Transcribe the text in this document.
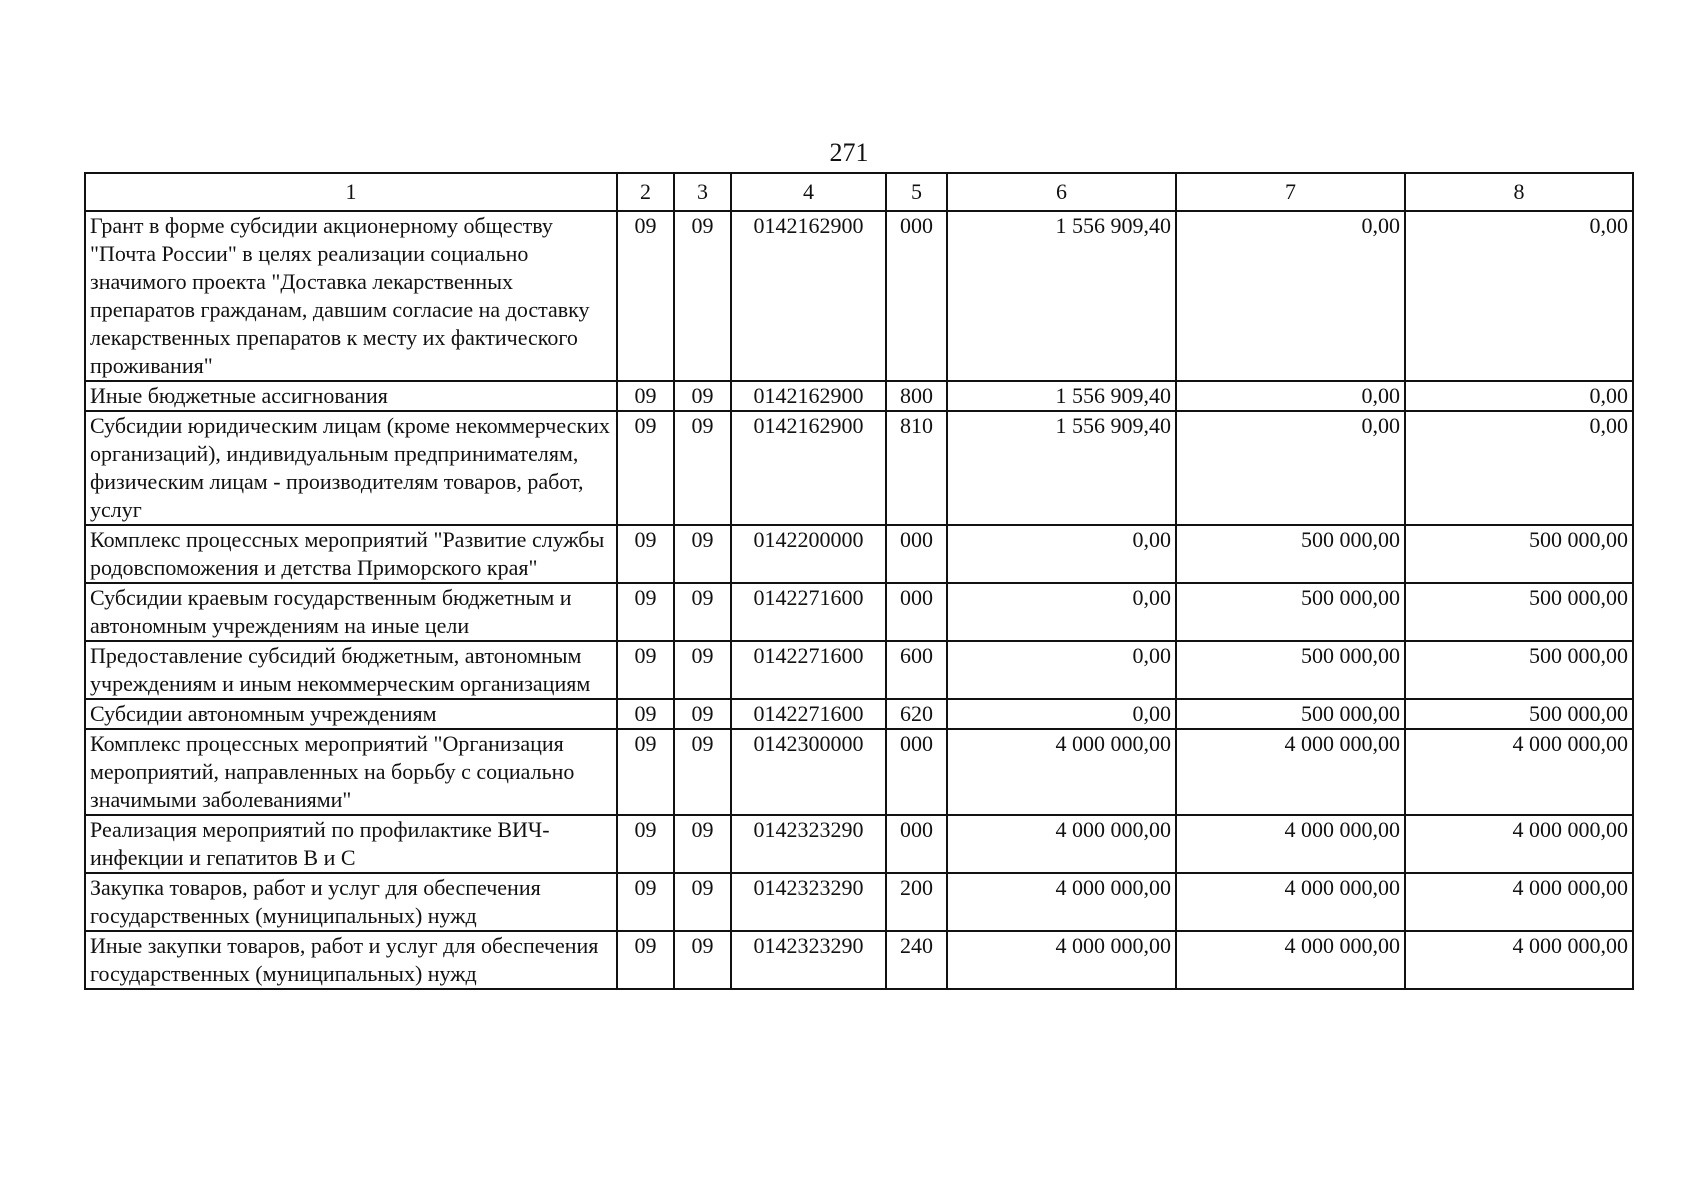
271
1	2	3	4	5	6	7	8
Грант в форме субсидии акционерному обществу "Почта России" в целях реализации социально значимого проекта "Доставка лекарственных препаратов гражданам, давшим согласие на доставку лекарственных препаратов к месту их фактического проживания"	09	09	0142162900	000	1 556 909,40	0,00	0,00
Иные бюджетные ассигнования	09	09	0142162900	800	1 556 909,40	0,00	0,00
Субсидии юридическим лицам (кроме некоммерческих организаций), индивидуальным предпринимателям, физическим лицам - производителям товаров, работ, услуг	09	09	0142162900	810	1 556 909,40	0,00	0,00
Комплекс процессных мероприятий "Развитие службы родовспоможения и детства Приморского края"	09	09	0142200000	000	0,00	500 000,00	500 000,00
Субсидии краевым государственным бюджетным и автономным учреждениям на иные цели	09	09	0142271600	000	0,00	500 000,00	500 000,00
Предоставление субсидий бюджетным, автономным учреждениям и иным некоммерческим организациям	09	09	0142271600	600	0,00	500 000,00	500 000,00
Субсидии автономным учреждениям	09	09	0142271600	620	0,00	500 000,00	500 000,00
Комплекс процессных мероприятий "Организация мероприятий, направленных на борьбу с социально значимыми заболеваниями"	09	09	0142300000	000	4 000 000,00	4 000 000,00	4 000 000,00
Реализация мероприятий по профилактике ВИЧ-инфекции и гепатитов В и С	09	09	0142323290	000	4 000 000,00	4 000 000,00	4 000 000,00
Закупка товаров, работ и услуг для обеспечения государственных (муниципальных) нужд	09	09	0142323290	200	4 000 000,00	4 000 000,00	4 000 000,00
Иные закупки товаров, работ и услуг для обеспечения государственных (муниципальных) нужд	09	09	0142323290	240	4 000 000,00	4 000 000,00	4 000 000,00
